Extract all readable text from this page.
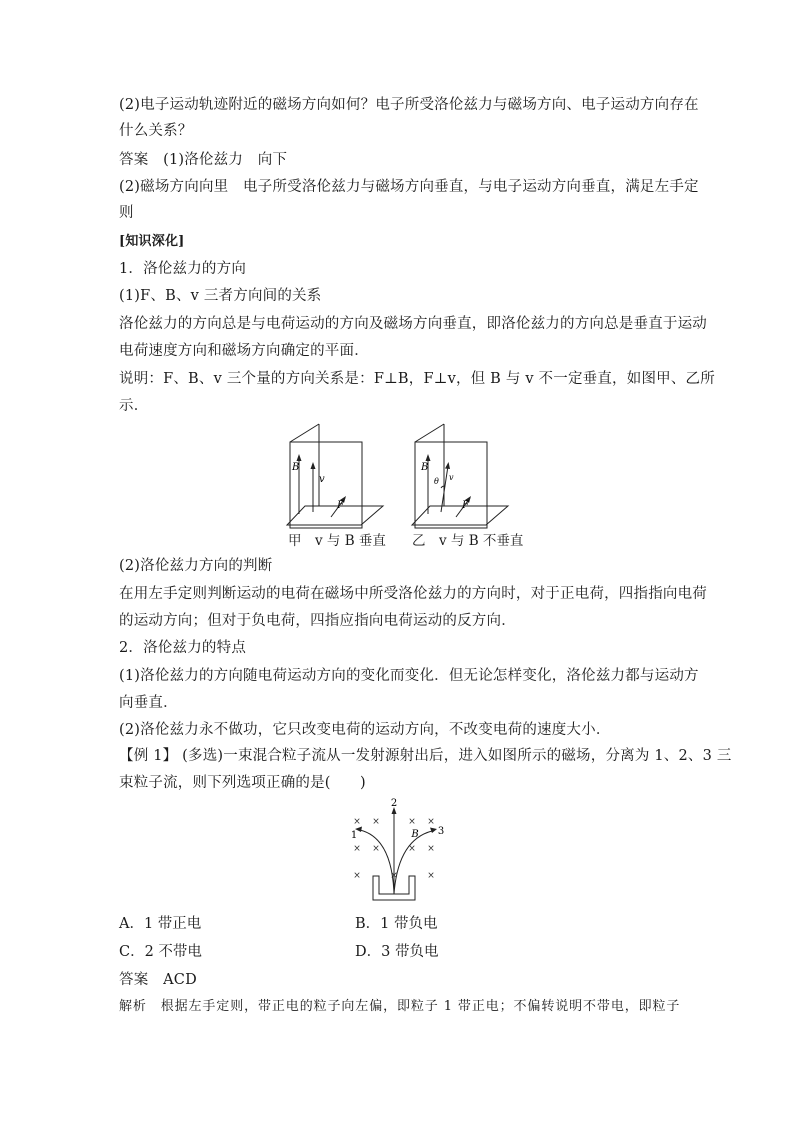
(2)电子运动轨迹附近的磁场方向如何？电子所受洛伦兹力与磁场方向、电子运动方向存在
什么关系？
答案　(1)洛伦兹力　向下
(2)磁场方向向里　电子所受洛伦兹力与磁场方向垂直，与电子运动方向垂直，满足左手定
则
[知识深化]
1．洛伦兹力的方向
(1)F、B、v 三者方向间的关系
洛伦兹力的方向总是与电荷运动的方向及磁场方向垂直，即洛伦兹力的方向总是垂直于运动
电荷速度方向和磁场方向确定的平面．
说明：F、B、v 三个量的方向关系是：F⊥B，F⊥v，但 B 与 v 不一定垂直，如图甲、乙所
示．
B
v
F
甲　v 与 B 垂直
B
θ v
F
乙　v 与 B 不垂直
(2)洛伦兹力方向的判断
在用左手定则判断运动的电荷在磁场中所受洛伦兹力的方向时，对于正电荷，四指指向电荷
的运动方向；但对于负电荷，四指应指向电荷运动的反方向．
2．洛伦兹力的特点
(1)洛伦兹力的方向随电荷运动方向的变化而变化．但无论怎样变化，洛伦兹力都与运动方
向垂直．
(2)洛伦兹力永不做功，它只改变电荷的运动方向，不改变电荷的速度大小．
【例 1】 (多选)一束混合粒子流从一发射源射出后，进入如图所示的磁场，分离为 1、2、3 三
束粒子流，则下列选项正确的是(　　)
×	×
×	×
×	×	×
×	×
×	×
2
1	3
B
A．1 带正电	B．1 带负电
C．2 不带电	D．3 带负电
答案　ACD
解析　根据左手定则，带正电的粒子向左偏，即粒子 1 带正电；不偏转说明不带电，即粒子
